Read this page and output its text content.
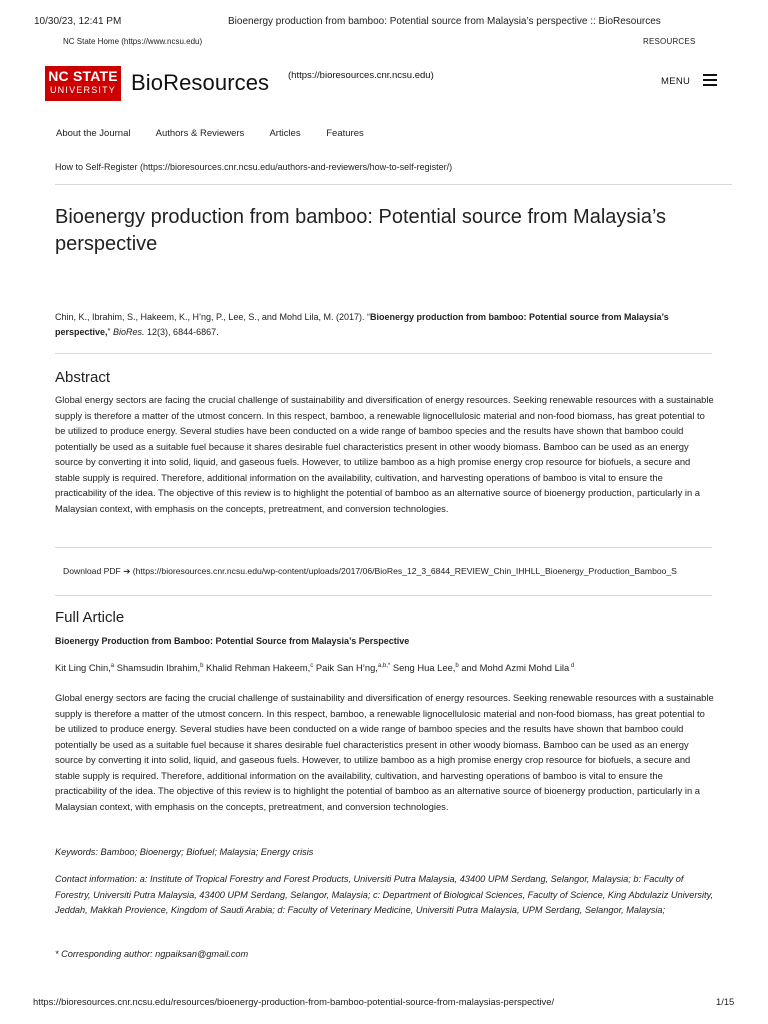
10/30/23, 12:41 PM	Bioenergy production from bamboo: Potential source from Malaysia’s perspective :: BioResources
NC State Home (https://www.ncsu.edu)	RESOURCES
NC STATE
UNIVERSITY BioResources (https://bioresources.cnr.ncsu.edu)
MENU
About the Journal	Authors & Reviewers	Articles	Features
How to Self-Register (https://bioresources.cnr.ncsu.edu/authors-and-reviewers/how-to-self-register/)
Bioenergy production from bamboo: Potential source from Malaysia’s perspective
Chin, K., Ibrahim, S., Hakeem, K., H’ng, P., Lee, S., and Mohd Lila, M. (2017). “Bioenergy production from bamboo: Potential source from Malaysia’s perspective,” BioRes. 12(3), 6844-6867.
Abstract

Global energy sectors are facing the crucial challenge of sustainability and diversification of energy resources. Seeking renewable resources with a sustainable supply is therefore a matter of the utmost concern. In this respect, bamboo, a renewable lignocellulosic material and non-food biomass, has great potential to be utilized to produce energy. Several studies have been conducted on a wide range of bamboo species and the results have shown that bamboo could potentially be used as a suitable fuel because it shares desirable fuel characteristics present in other woody biomass. Bamboo can be used as an energy source by converting it into solid, liquid, and gaseous fuels. However, to utilize bamboo as a high promise energy crop resource for biofuels, a secure and stable supply is required. Therefore, additional information on the availability, cultivation, and harvesting operations of bamboo is vital to ensure the practicability of the idea. The objective of this review is to highlight the potential of bamboo as an alternative source of bioenergy production, particularly in a Malaysian context, with emphasis on the concepts, pretreatment, and conversion technologies.

Download PDF ➔ (https://bioresources.cnr.ncsu.edu/wp-content/uploads/2017/06/BioRes_12_3_6844_REVIEW_Chin_IHHLL_Bioenergy_Production_Bamboo_S
Full Article
Bioenergy Production from Bamboo: Potential Source from Malaysia’s Perspective
Kit Ling Chin,$^a$ Shamsudin Ibrahim,$^b$ Khalid Rehman Hakeem,$^c$ Paik San H’ng,$^{a,b,*}$ Seng Hua Lee,$^b$ and Mohd Azmi Mohd Lila $^d$

Global energy sectors are facing the crucial challenge of sustainability and diversification of energy resources. Seeking renewable resources with a sustainable supply is therefore a matter of the utmost concern. In this respect, bamboo, a renewable lignocellulosic material and non-food biomass, has great potential to be utilized to produce energy. Several studies have been conducted on a wide range of bamboo species and the results have shown that bamboo could potentially be used as a suitable fuel because it shares desirable fuel characteristics present in other woody biomass. Bamboo can be used as an energy source by converting it into solid, liquid, and gaseous fuels. However, to utilize bamboo as a high promise energy crop resource for biofuels, a secure and stable supply is required. Therefore, additional information on the availability, cultivation, and harvesting operations of bamboo is vital to ensure the practicability of the idea. The objective of this review is to highlight the potential of bamboo as an alternative source of bioenergy production, particularly in a Malaysian context, with emphasis on the concepts, pretreatment, and conversion technologies.

Keywords: Bamboo; Bioenergy; Biofuel; Malaysia; Energy crisis

Contact information: a: Institute of Tropical Forestry and Forest Products, Universiti Putra Malaysia, 43400 UPM Serdang, Selangor, Malaysia; b: Faculty of Forestry, Universiti Putra Malaysia, 43400 UPM Serdang, Selangor, Malaysia; c: Department of Biological Sciences, Faculty of Science, King Abdulaziz University, Jeddah, Makkah Provience, Kingdom of Saudi Arabia; d: Faculty of Veterinary Medicine, Universiti Putra Malaysia, UPM Serdang, Selangor, Malaysia;

* Corresponding author: ngpaiksan@gmail.com

https://bioresources.cnr.ncsu.edu/resources/bioenergy-production-from-bamboo-potential-source-from-malaysias-perspective/	1/15
